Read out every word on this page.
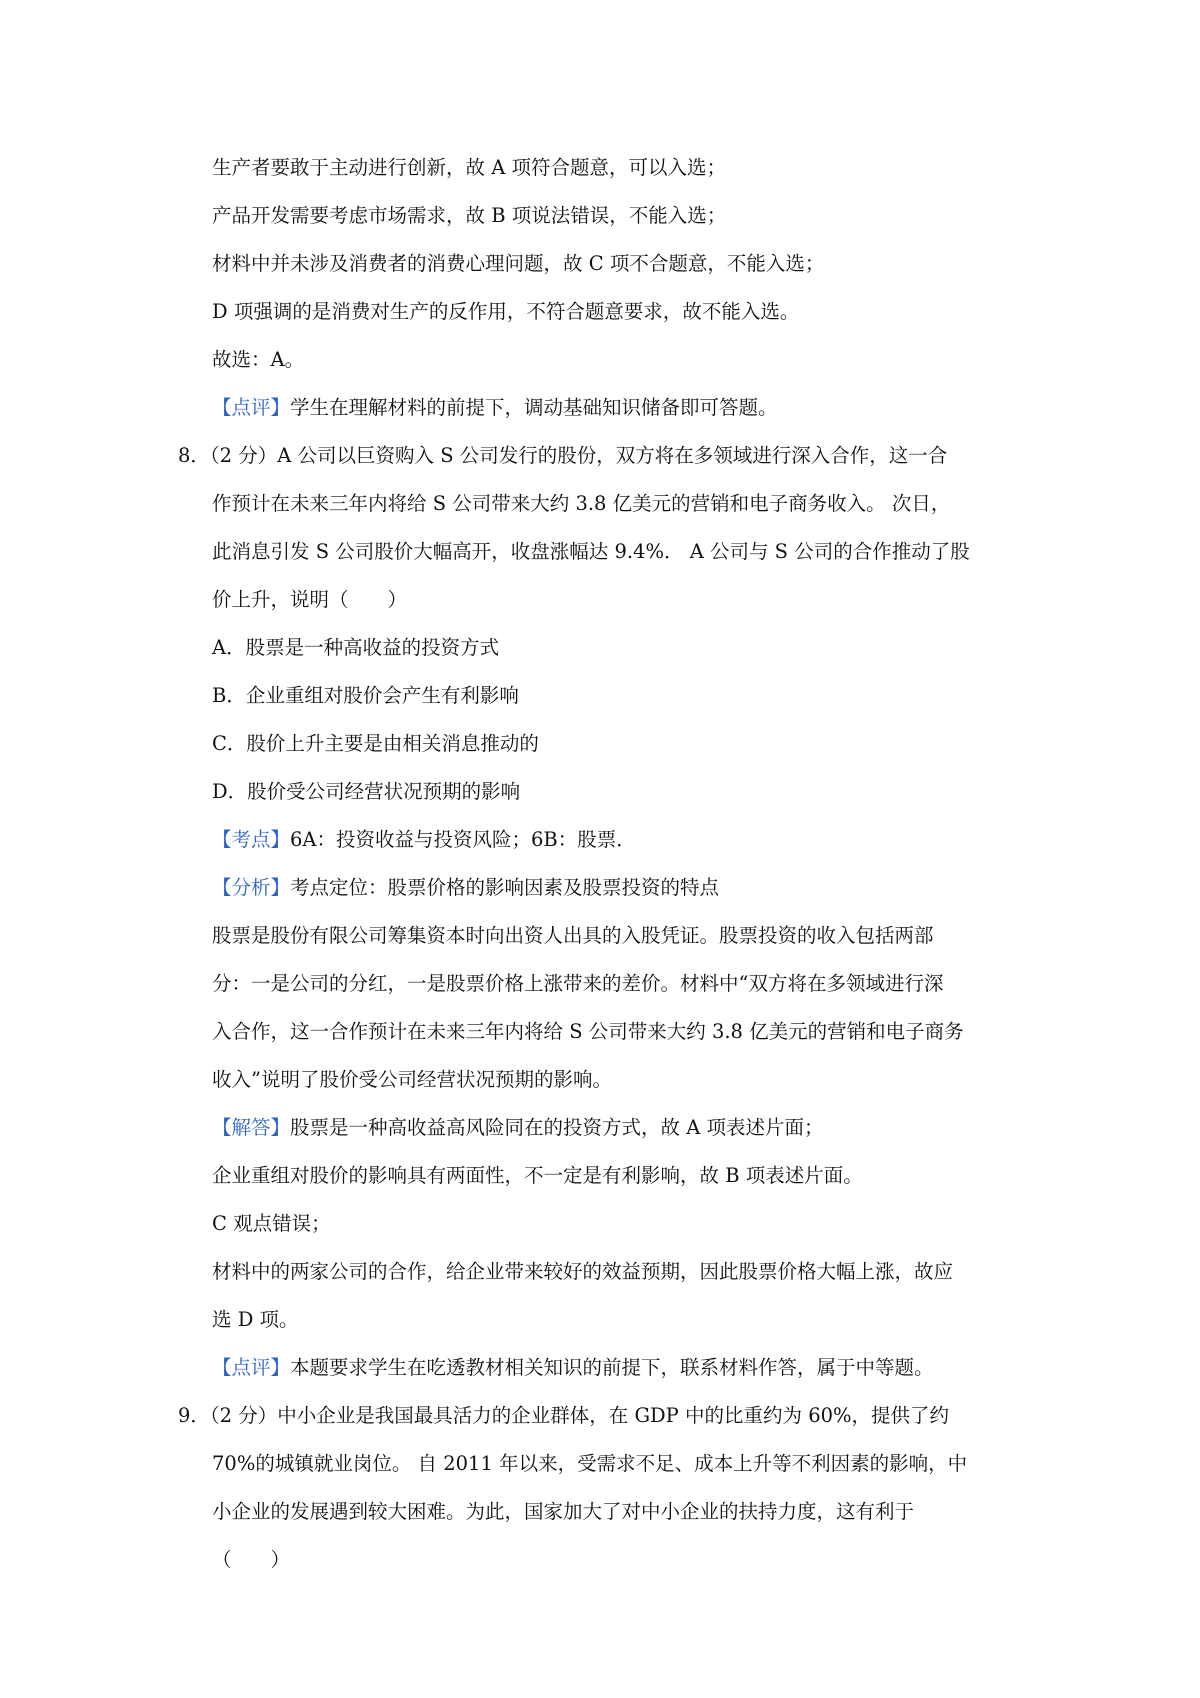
生产者要敢于主动进行创新，故 A 项符合题意，可以入选；
产品开发需要考虑市场需求，故 B 项说法错误，不能入选；
材料中并未涉及消费者的消费心理问题，故 C 项不合题意，不能入选；
D 项强调的是消费对生产的反作用，不符合题意要求，故不能入选。
故选：A。
【点评】学生在理解材料的前提下，调动基础知识储备即可答题。
8．（2 分）A 公司以巨资购入 S 公司发行的股份，双方将在多领域进行深入合作，这一合
作预计在未来三年内将给 S 公司带来大约 3.8 亿美元的营销和电子商务收入。 次日，
此消息引发 S 公司股价大幅高开，收盘涨幅达 9.4%． A 公司与 S 公司的合作推动了股
价上升，说明（　　）
A．股票是一种高收益的投资方式
B．企业重组对股价会产生有利影响
C．股价上升主要是由相关消息推动的
D．股价受公司经营状况预期的影响
【考点】6A：投资收益与投资风险；6B：股票．
【分析】考点定位：股票价格的影响因素及股票投资的特点
股票是股份有限公司筹集资本时向出资人出具的入股凭证。股票投资的收入包括两部
分：一是公司的分红，一是股票价格上涨带来的差价。材料中“双方将在多领域进行深
入合作，这一合作预计在未来三年内将给 S 公司带来大约 3.8 亿美元的营销和电子商务
收入”说明了股价受公司经营状况预期的影响。
【解答】股票是一种高收益高风险同在的投资方式，故 A 项表述片面；
企业重组对股价的影响具有两面性，不一定是有利影响，故 B 项表述片面。
C 观点错误；
材料中的两家公司的合作，给企业带来较好的效益预期，因此股票价格大幅上涨，故应
选 D 项。
【点评】本题要求学生在吃透教材相关知识的前提下，联系材料作答，属于中等题。
9．（2 分）中小企业是我国最具活力的企业群体，在 GDP 中的比重约为 60%，提供了约
70%的城镇就业岗位。 自 2011 年以来，受需求不足、成本上升等不利因素的影响，中
小企业的发展遇到较大困难。为此，国家加大了对中小企业的扶持力度，这有利于
（　　）
